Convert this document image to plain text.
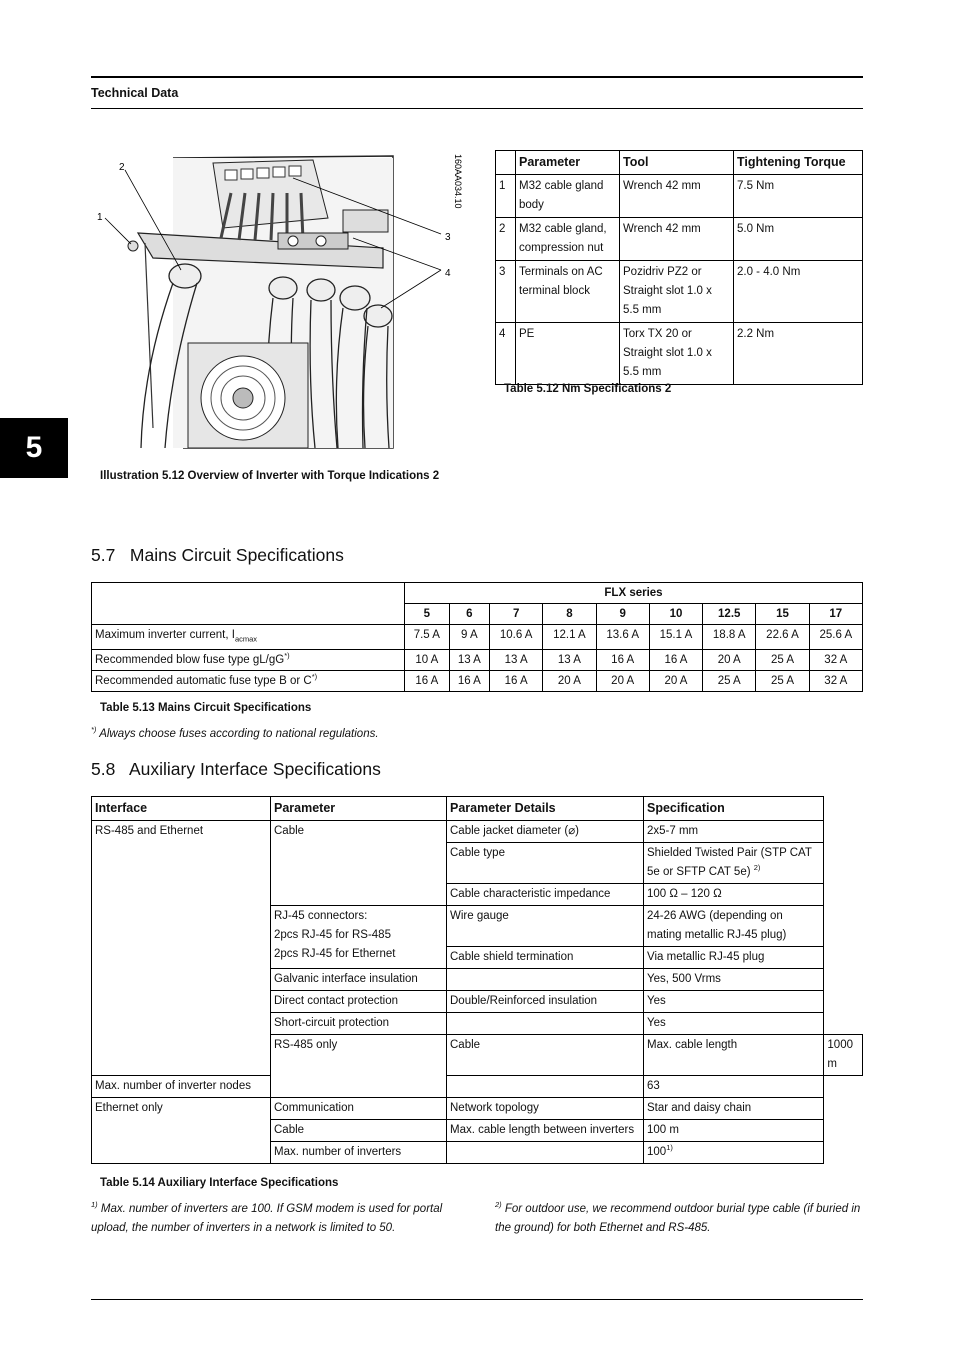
Technical Data
5
1
2
3
4
160AA034.10
Illustration 5.12 Overview of Inverter with Torque Indications 2
	Parameter	Tool	Tightening Torque
1	M32 cable gland body	Wrench 42 mm	7.5 Nm
2	M32 cable gland, compression nut	Wrench 42 mm	5.0 Nm
3	Terminals on AC terminal block	Pozidriv PZ2 or Straight slot 1.0 x 5.5 mm	2.0 - 4.0 Nm
4	PE	Torx TX 20 or Straight slot 1.0 x 5.5 mm	2.2 Nm
Table 5.12 Nm Specifications 2
5.7   Mains Circuit Specifications
	FLX series								
	5	6	7	8	9	10	12.5	15	17
Maximum inverter current, $I_{acmax}$	7.5 A	9 A	10.6 A	12.1 A	13.6 A	15.1 A	18.8 A	22.6 A	25.6 A
Recommended blow fuse type gL/gG*)	10 A	13 A	13 A	13 A	16 A	16 A	20 A	25 A	32 A
Recommended automatic fuse type B or C*)	16 A	16 A	16 A	20 A	20 A	20 A	25 A	25 A	32 A
Table 5.13 Mains Circuit Specifications
*) Always choose fuses according to national regulations.
5.8   Auxiliary Interface Specifications
Interface	Parameter	Parameter Details	Specification	
RS-485 and Ethernet	Cable	Cable jacket diameter (⌀)	2x5-7 mm	
		Cable type	Shielded Twisted Pair (STP CAT 5e or SFTP CAT 5e) $^{2)}$
		Cable characteristic impedance	100 Ω – 120 Ω	

	RJ-45 connectors:
2pcs RJ-45 for RS-485
2pcs RJ-45 for Ethernet	Wire gauge	24-26 AWG (depending on mating metallic RJ-45 plug)	
		Cable shield termination	Via metallic RJ-45 plug	
	Galvanic interface insulation		Yes, 500 Vrms	
	Direct contact protection	Double/Reinforced insulation	Yes	
	Short-circuit protection		Yes	
	RS-485 only	Cable	Max. cable length	1000 m
Max. number of inverter nodes			63	
Ethernet only	Communication	Network topology	Star and daisy chain	
	Cable	Max. cable length between inverters	100 m	
	Max. number of inverters		100$^{1)}$
Table 5.14 Auxiliary Interface Specifications
$^{1)}$ Max. number of inverters are 100. If GSM modem is used for portal upload, the number of inverters in a network is limited to 50.
$^{2)}$ For outdoor use, we recommend outdoor burial type cable (if buried in the ground) for both Ethernet and RS-485.
